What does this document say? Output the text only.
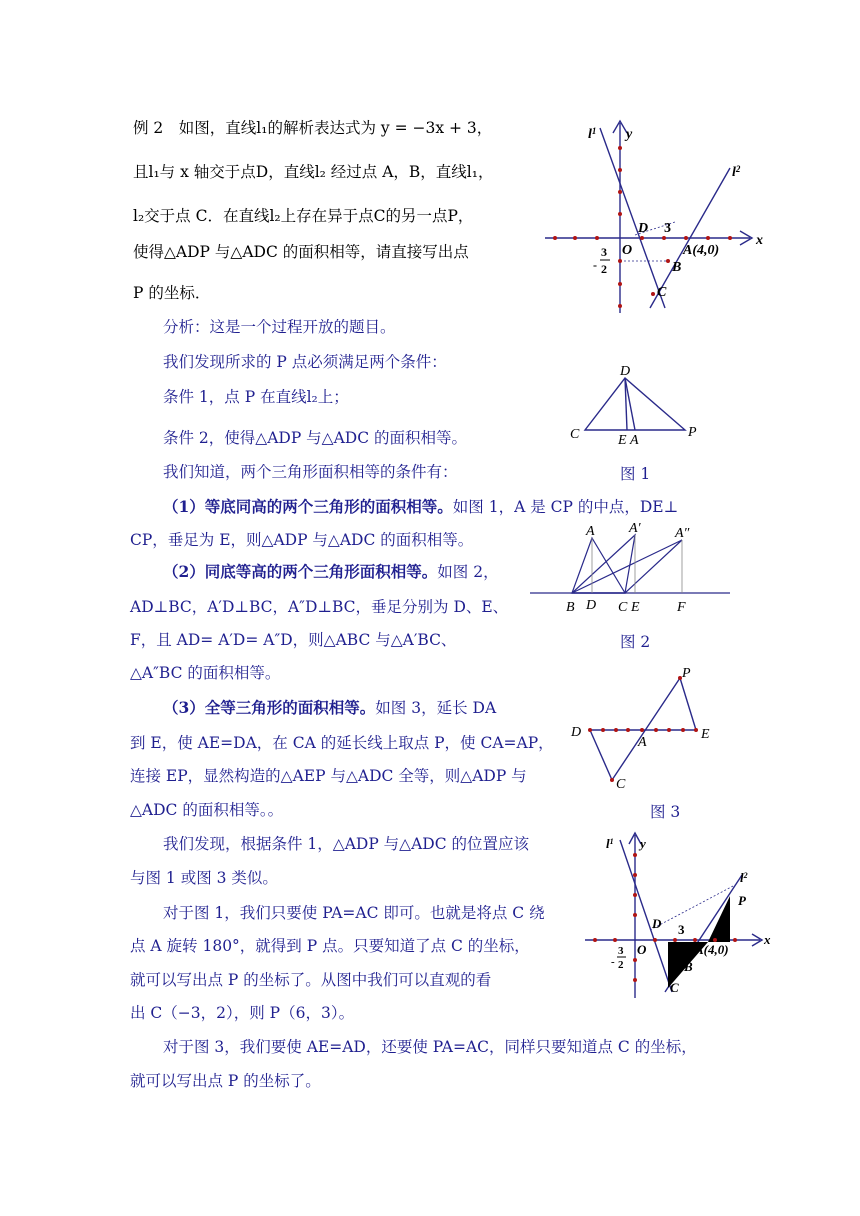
例 2　如图，直线l₁的解析表达式为 y = −3x + 3，
且l₁与 x 轴交于点D，直线l₂ 经过点 A，B，直线l₁，
l₂交于点 C．在直线l₂上存在异于点C的另一点P，
使得△ADP 与△ADC 的面积相等，请直接写出点
P 的坐标．
分析：这是一个过程开放的题目。
我们发现所求的 P 点必须满足两个条件：
条件 1，点 P 在直线l₂上；
条件 2，使得△ADP 与△ADC 的面积相等。
我们知道，两个三角形面积相等的条件有：
（1）等底同高的两个三角形的面积相等。如图 1，A 是 CP 的中点，DE⊥
CP，垂足为 E，则△ADP 与△ADC 的面积相等。
（2）同底等高的两个三角形面积相等。如图 2，
AD⊥BC，A′D⊥BC，A″D⊥BC，垂足分别为 D、E、
F，且 AD= A′D= A″D，则△ABC 与△A′BC、
△A″BC 的面积相等。
（3）全等三角形的面积相等。如图 3，延长 DA
到 E，使 AE=DA，在 CA 的延长线上取点 P，使 CA=AP，
连接 EP，显然构造的△AEP 与△ADC 全等，则△ADP 与
△ADC 的面积相等。。
我们发现，根据条件 1，△ADP 与△ADC 的位置应该
与图 1 或图 3 类似。
对于图 1，我们只要使 PA=AC 即可。也就是将点 C 绕
点 A 旋转 180°，就得到 P 点。只要知道了点 C 的坐标，
就可以写出点 P 的坐标了。从图中我们可以直观的看
出 C（−3，2），则 P（6，3）。
对于图 3，我们要使 AE=AD，还要使 PA=AC，同样只要知道点 C 的坐标，
就可以写出点 P 的坐标了。
图 1
图 2
图 3
$l^1$ y
$l^2$
x
O
D 3
A(4,0)
B
C
-
3
2
D
C	E A
P
A A′ A″
B D C E	F
P
D
A
E
C
$l^1$ y
$l^2$
P
x
O
D 3
A(4,0)
B
C
-
3
2
